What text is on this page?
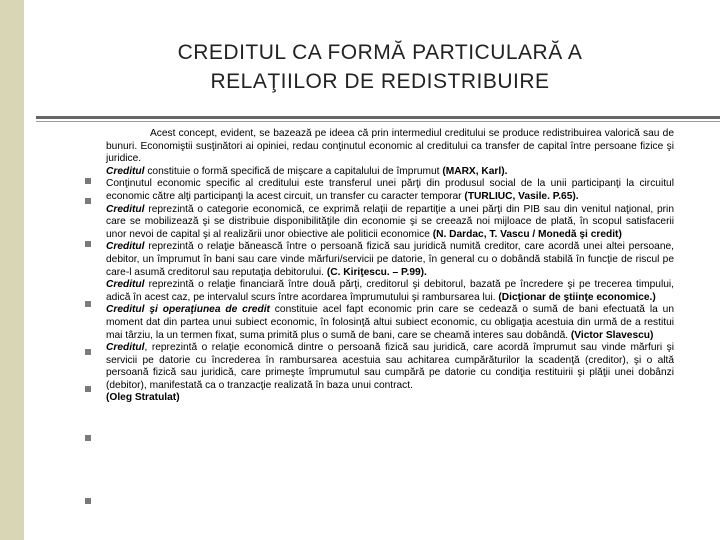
CREDITUL CA FORMĂ PARTICULARĂ A
RELAŢIILOR DE REDISTRIBUIRE

Acest concept, evident, se bazează pe ideea că prin intermediul creditului se produce redistribuirea valorică sau de bunuri. Economiştii susţinători ai opiniei, redau conţinutul economic al creditului ca transfer de capital între persoane fizice şi juridice.

Creditul constituie o formă specifică de mişcare a capitalului de împrumut (MARX, Karl).

Conţinutul economic specific al creditului este transferul unei părţi din produsul social de la unii participanţi la circuitul economic către alţi participanţi la acest circuit, un transfer cu caracter temporar (TURLIUC, Vasile. P.65).

Creditul reprezintă o categorie economică, ce exprimă relaţii de repartiţie a unei părţi din PIB sau din venitul naţional, prin care se mobilizează şi se distribuie disponibilităţile din economie şi se creează noi mijloace de plată, în scopul satisfacerii unor nevoi de capital şi al realizării unor obiective ale politicii economice (N. Dardac, T. Vascu / Monedă şi credit)

Creditul reprezintă o relaţie bănească între o persoană fizică sau juridică numită creditor, care acordă unei altei persoane, debitor, un împrumut în bani sau care vinde mărfuri/servicii pe datorie, în general cu o dobândă stabilă în funcţie de riscul pe care-l asumă creditorul sau reputaţia debitorului. (C. Kiriţescu. – P.99).

Creditul reprezintă o relaţie financiară între două părţi, creditorul şi debitorul, bazată pe încredere şi pe trecerea timpului, adică în acest caz, pe intervalul scurs între acordarea împrumutului şi rambursarea lui. (Dicţionar de ştiinţe economice.)

Creditul şi operaţiunea de credit constituie acel fapt economic prin care se cedează o sumă de bani efectuată la un moment dat din partea unui subiect economic, în folosinţă altui subiect economic, cu obligaţia acestuia din urmă de a restitui mai târziu, la un termen fixat, suma primită plus o sumă de bani, care se cheamă interes sau dobândă. (Victor Slavescu)

Creditul, reprezintă o relaţie economică dintre o persoană fizică sau juridică, care acordă împrumut sau vinde mărfuri şi servicii pe datorie cu încrederea în rambursarea acestuia sau achitarea cumpărăturilor la scadenţă (creditor), şi o altă persoană fizică sau juridică, care primeşte împrumutul sau cumpără pe datorie cu condiţia restituirii şi plăţii unei dobânzi (debitor), manifestată ca o tranzacţie realizată în baza unui contract.

(Oleg Stratulat)
